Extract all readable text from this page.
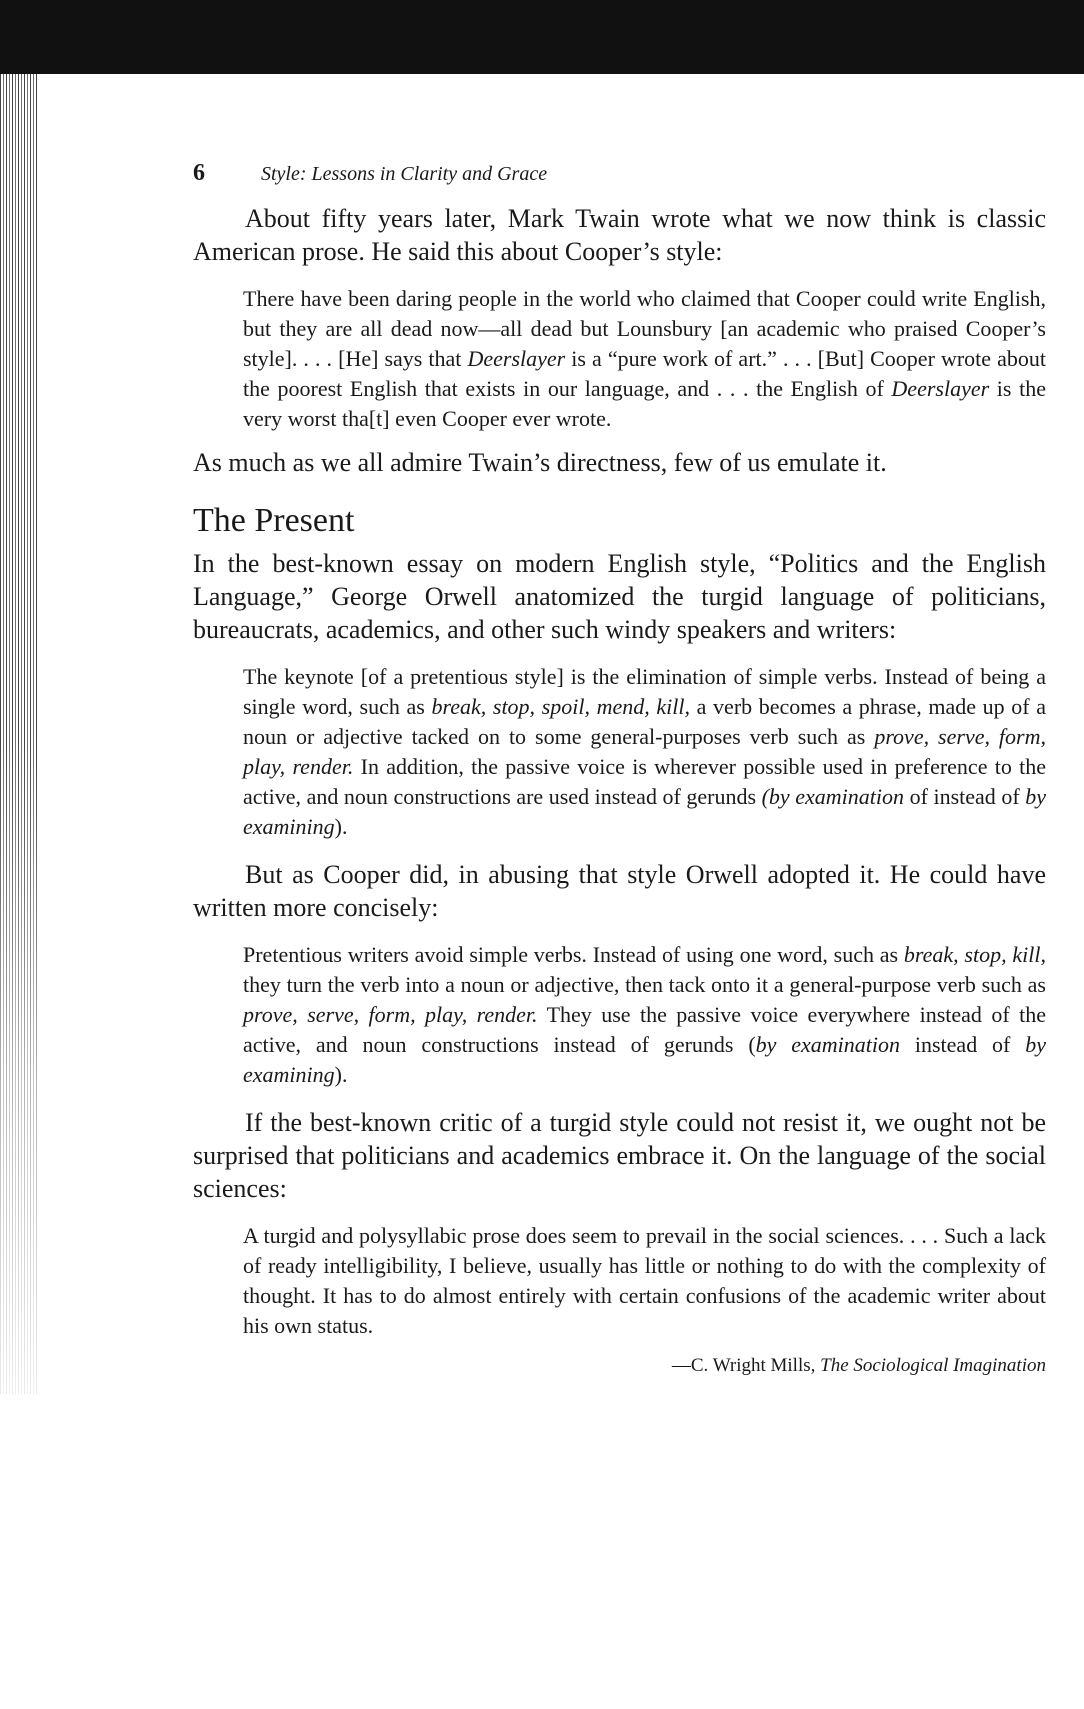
6	Style: Lessons in Clarity and Grace

About fifty years later, Mark Twain wrote what we now think is classic American prose. He said this about Cooper’s style:

There have been daring people in the world who claimed that Cooper could write English, but they are all dead now—all dead but Lounsbury [an academic who praised Cooper’s style]. . . . [He] says that Deerslayer is a “pure work of art.” . . . [But] Cooper wrote about the poorest English that exists in our language, and . . . the English of Deerslayer is the very worst tha[t] even Cooper ever wrote.

As much as we all admire Twain’s directness, few of us emulate it.

The Present

In the best-known essay on modern English style, “Politics and the English Language,” George Orwell anatomized the turgid language of politicians, bureaucrats, academics, and other such windy speakers and writers:

The keynote [of a pretentious style] is the elimination of simple verbs. Instead of being a single word, such as break, stop, spoil, mend, kill, a verb becomes a phrase, made up of a noun or adjective tacked on to some general-purposes verb such as prove, serve, form, play, render. In addition, the passive voice is wherever possible used in preference to the active, and noun constructions are used instead of gerunds (by examination of instead of by examining).

But as Cooper did, in abusing that style Orwell adopted it. He could have written more concisely:

Pretentious writers avoid simple verbs. Instead of using one word, such as break, stop, kill, they turn the verb into a noun or adjective, then tack onto it a general-purpose verb such as prove, serve, form, play, render. They use the passive voice everywhere instead of the active, and noun constructions instead of gerunds (by examination instead of by examining).

If the best-known critic of a turgid style could not resist it, we ought not be surprised that politicians and academics embrace it. On the language of the social sciences:

A turgid and polysyllabic prose does seem to prevail in the social sciences. . . . Such a lack of ready intelligibility, I believe, usually has little or nothing to do with the complexity of thought. It has to do almost entirely with certain confusions of the academic writer about his own status.

—C. Wright Mills, The Sociological Imagination
